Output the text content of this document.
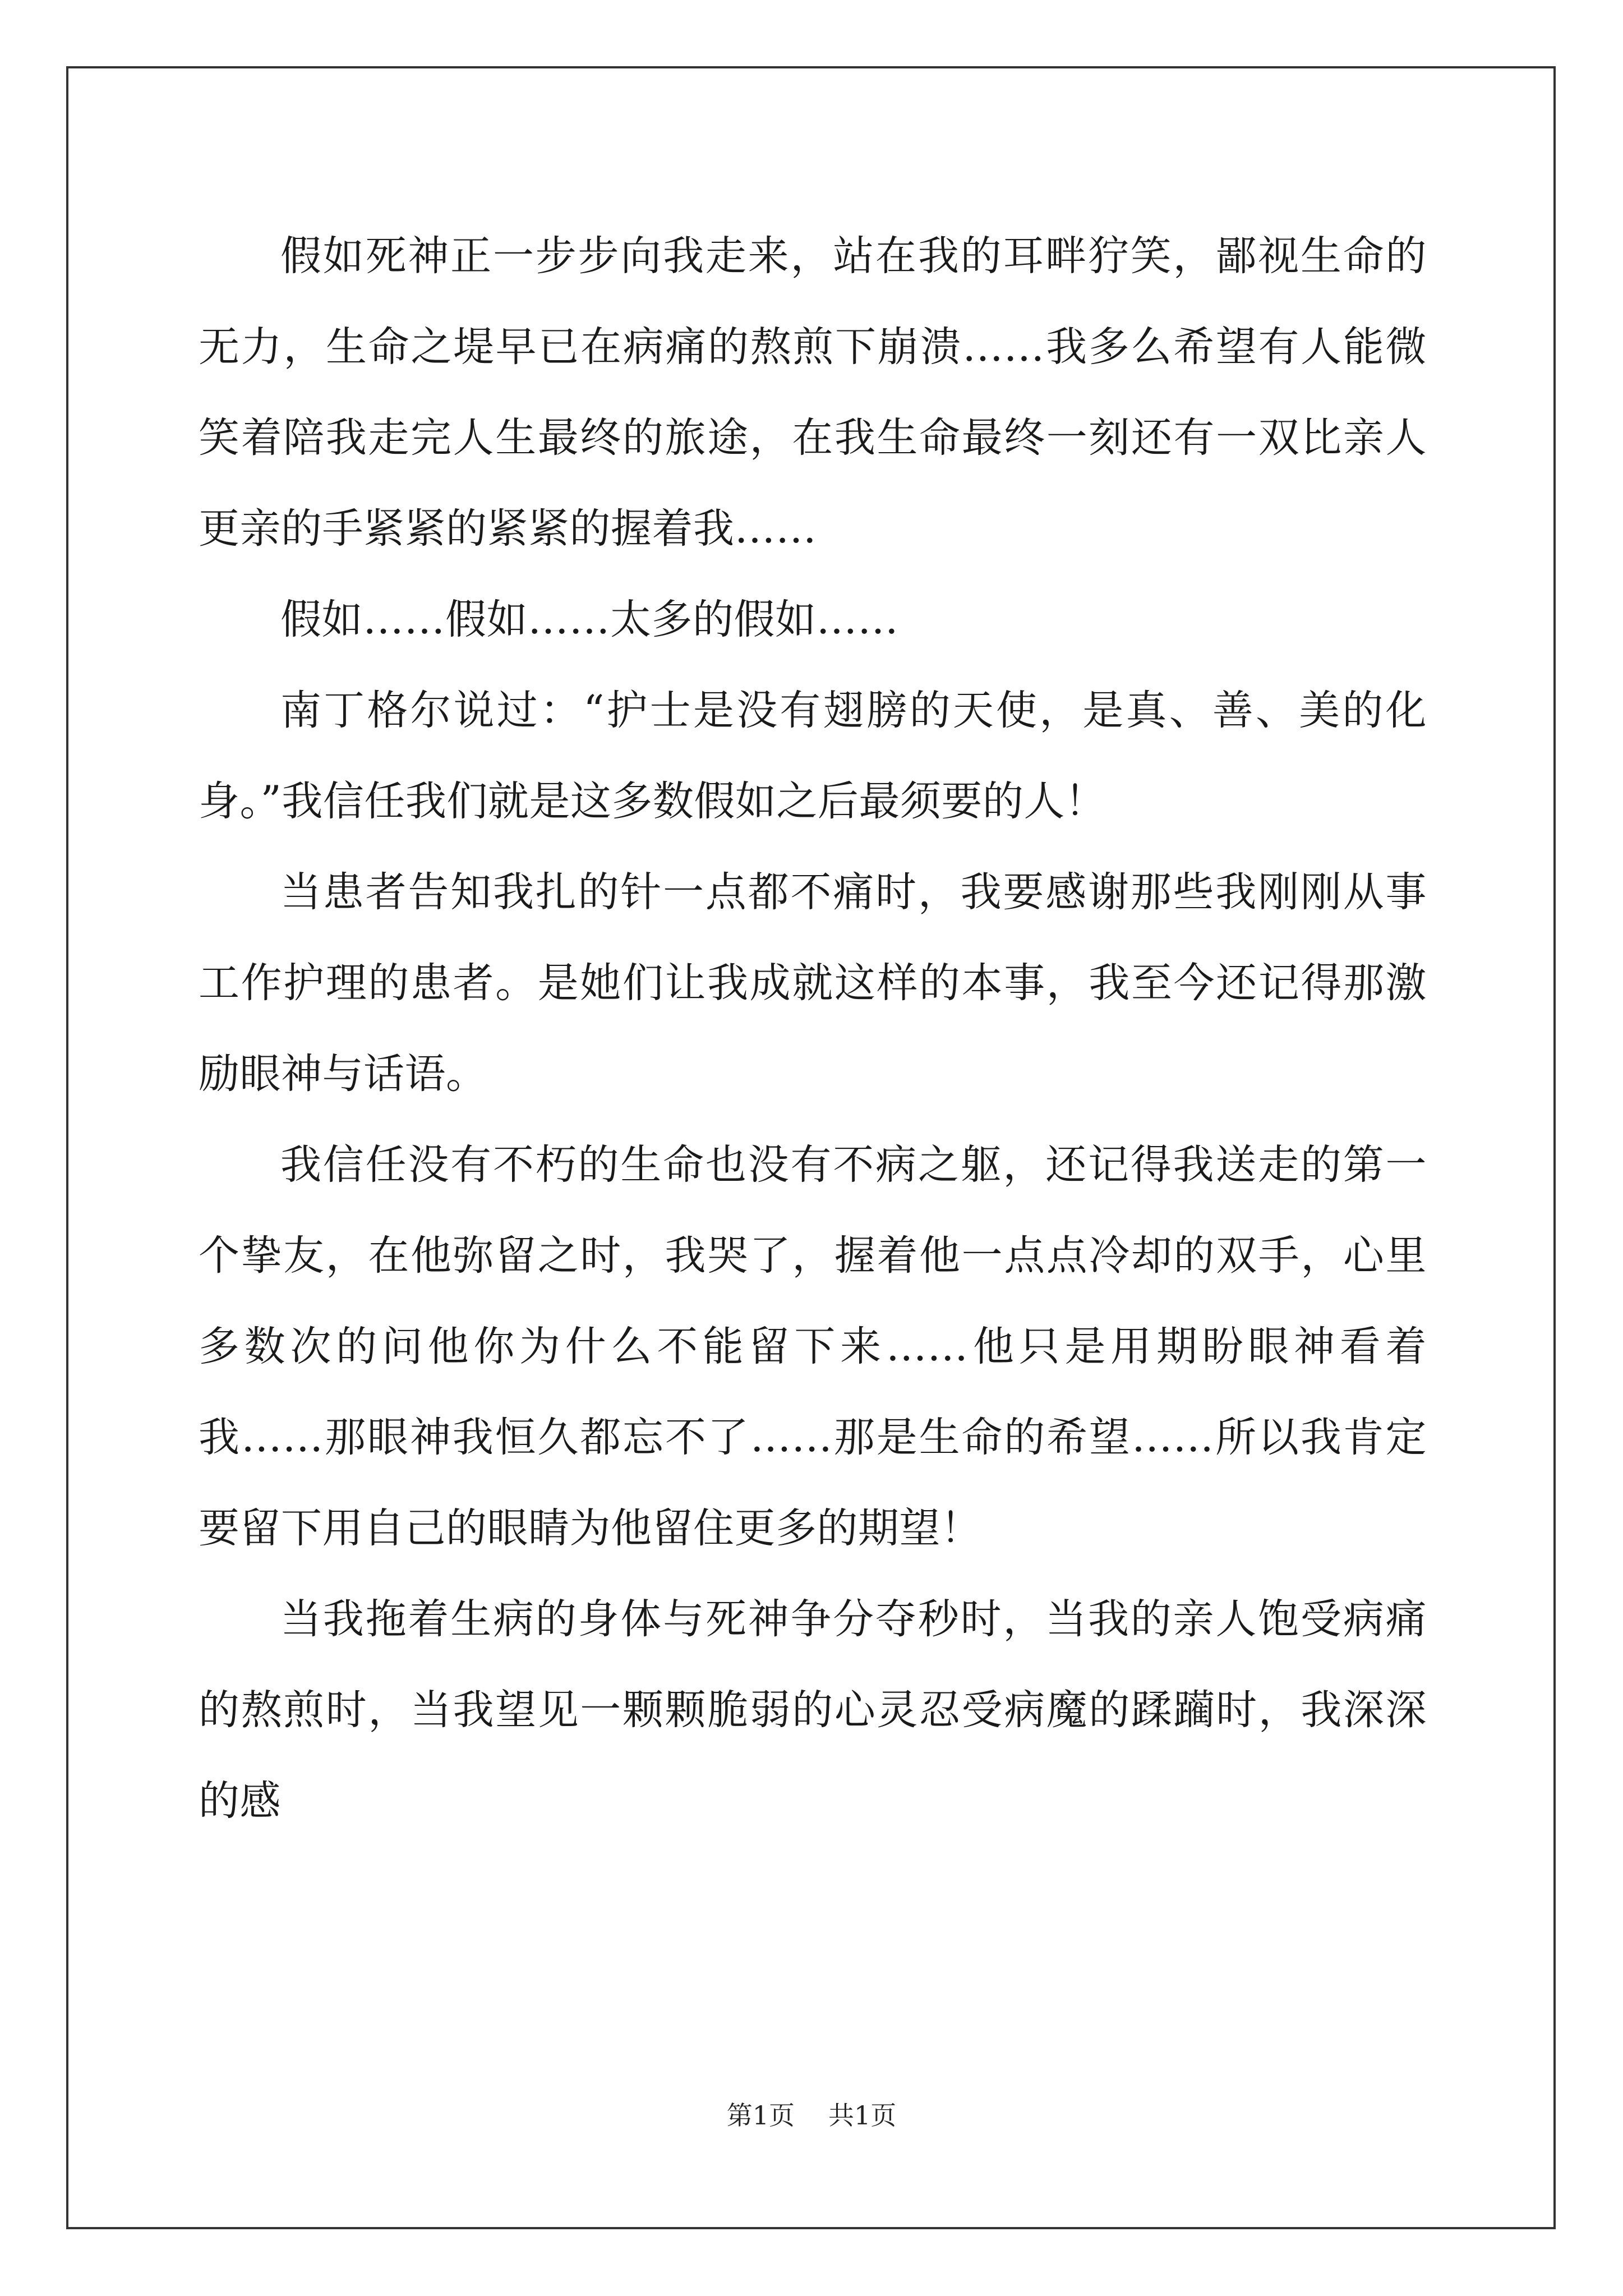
假如死神正一步步向我走来，站在我的耳畔狞笑，鄙视生命的无力，生命之堤早已在病痛的熬煎下崩溃……我多么希望有人能微笑着陪我走完人生最终的旅途，在我生命最终一刻还有一双比亲人更亲的手紧紧的紧紧的握着我……

假如……假如……太多的假如……

南丁格尔说过：“护士是没有翅膀的天使，是真、善、美的化身。”我信任我们就是这多数假如之后最须要的人！

当患者告知我扎的针一点都不痛时，我要感谢那些我刚刚从事工作护理的患者。是她们让我成就这样的本事，我至今还记得那激励眼神与话语。

我信任没有不朽的生命也没有不病之躯，还记得我送走的第一个挚友，在他弥留之时，我哭了，握着他一点点冷却的双手，心里多数次的问他你为什么不能留下来……他只是用期盼眼神看着我……那眼神我恒久都忘不了……那是生命的希望……所以我肯定要留下用自己的眼睛为他留住更多的期望！

当我拖着生病的身体与死神争分夺秒时，当我的亲人饱受病痛的熬煎时，当我望见一颗颗脆弱的心灵忍受病魔的蹂躏时，我深深的感

第1页 共1页
